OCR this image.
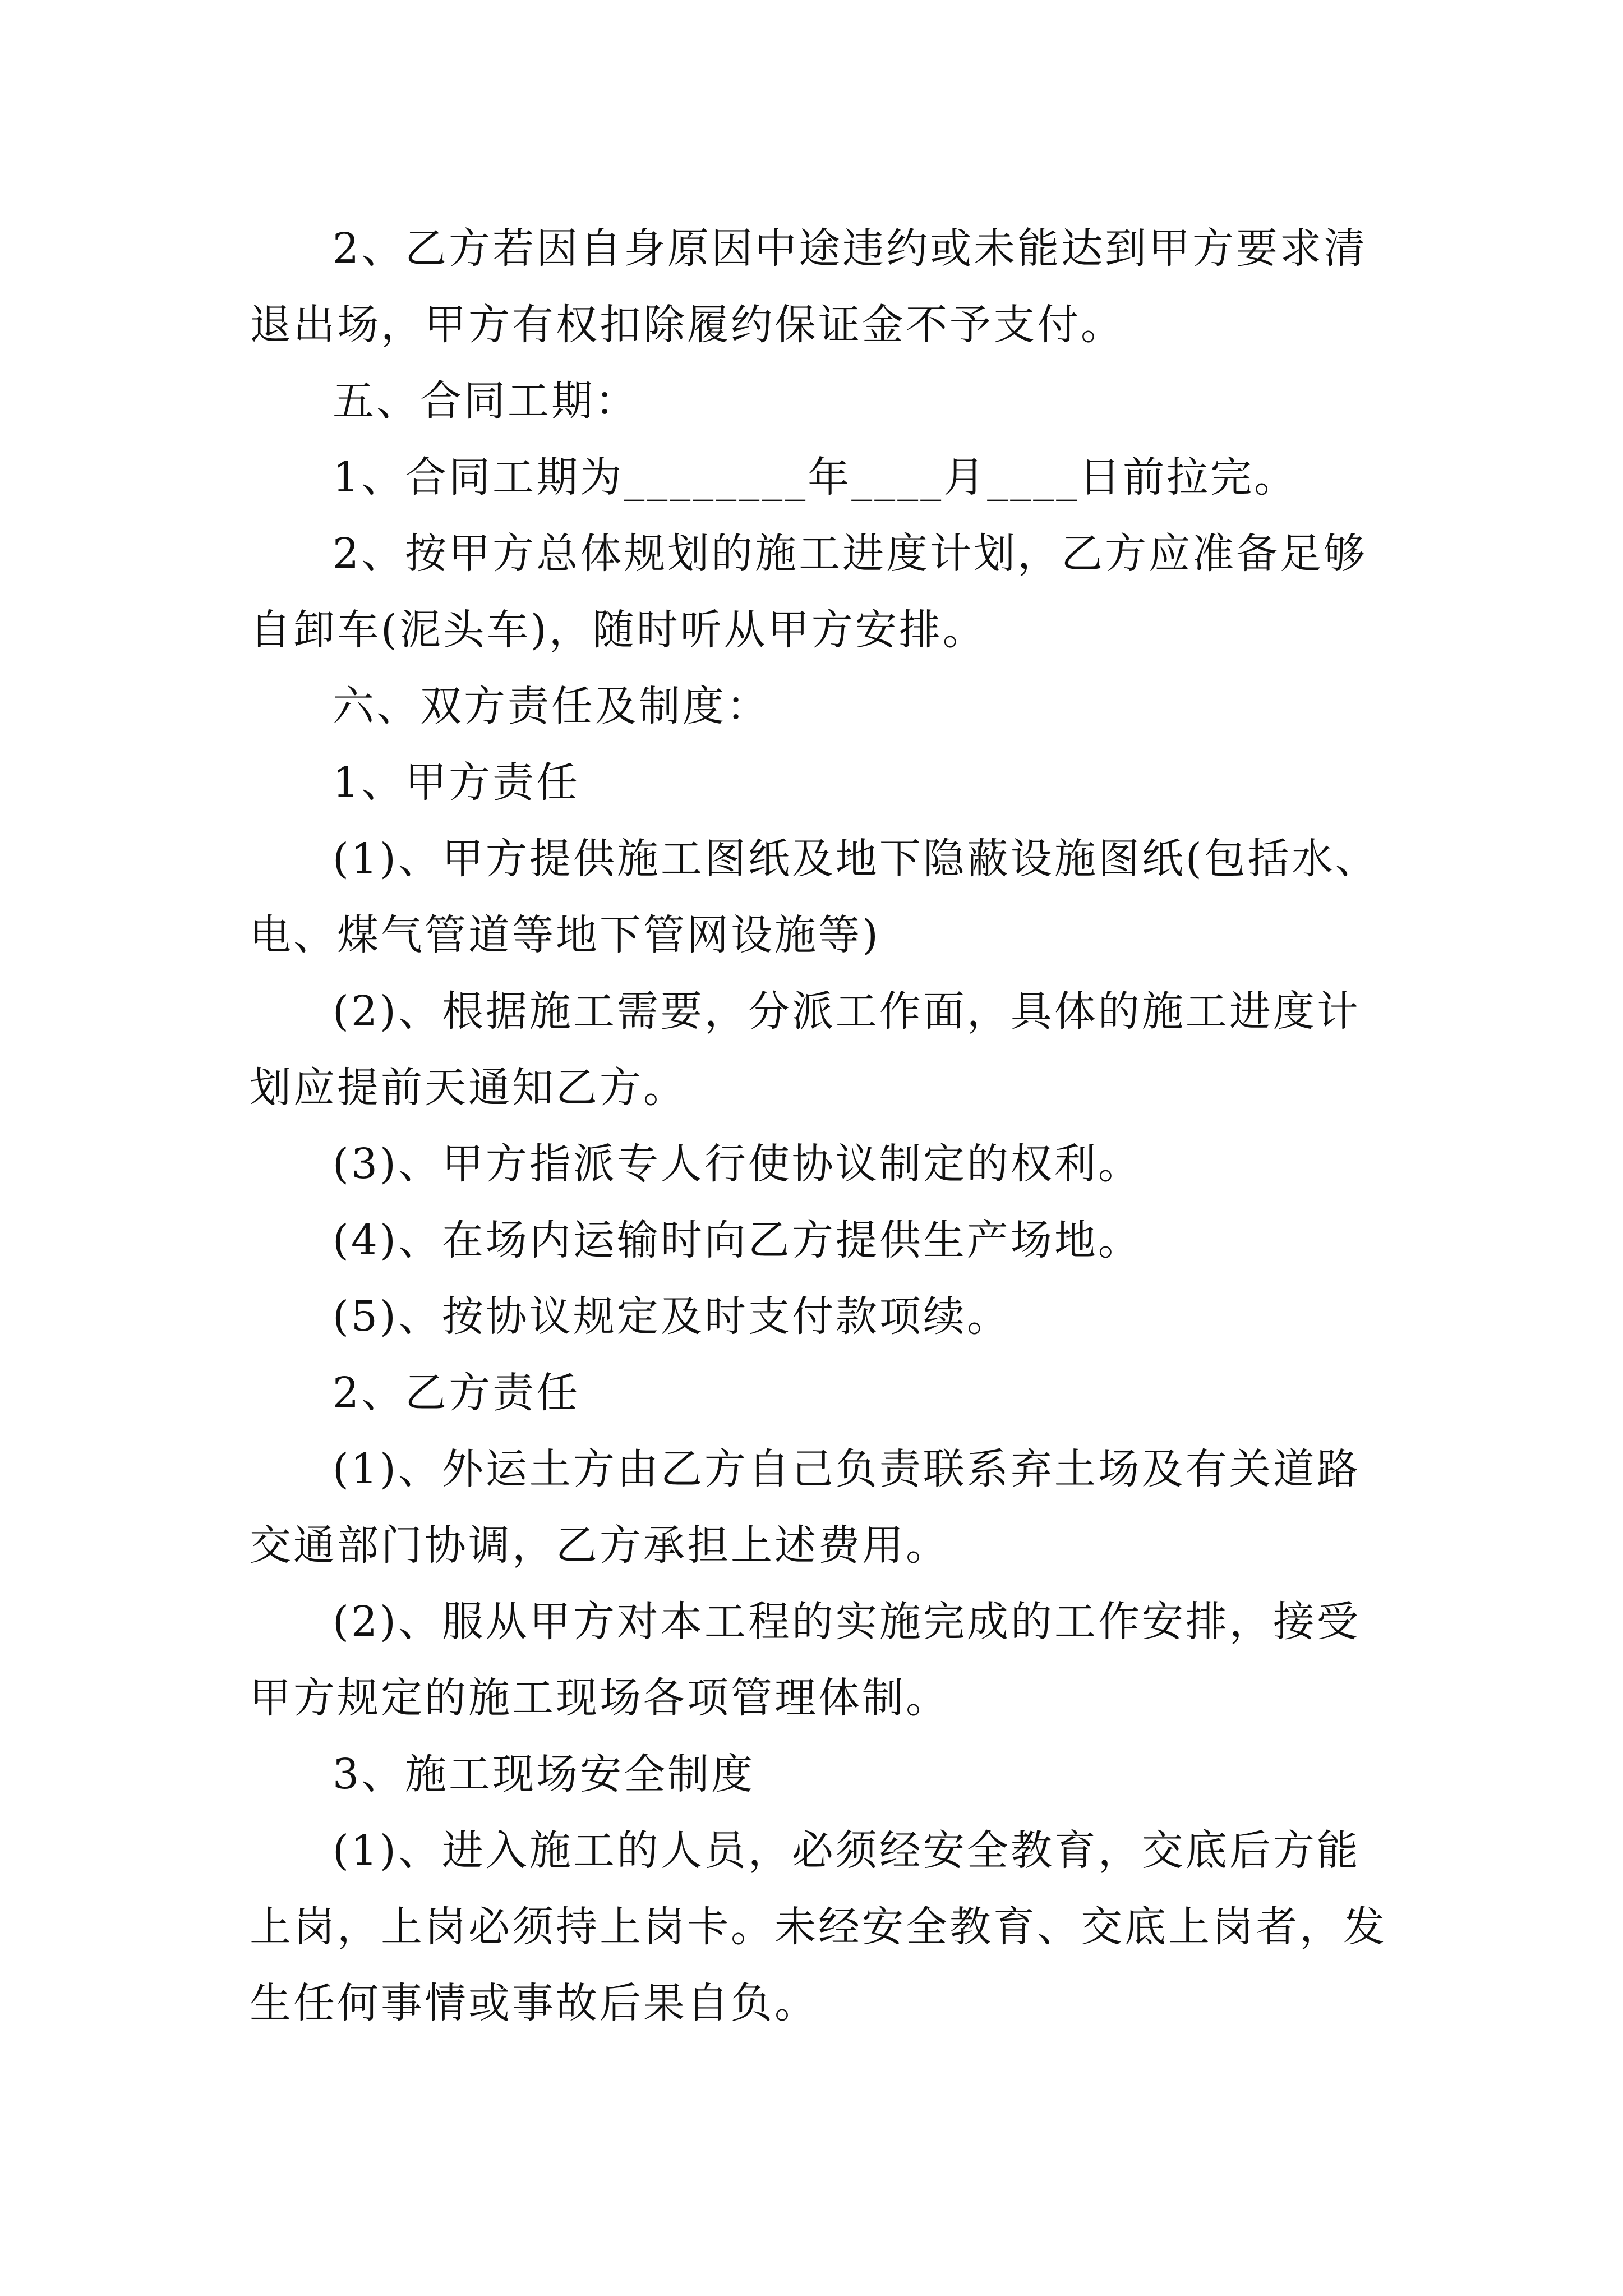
2、乙方若因自身原因中途违约或未能达到甲方要求清退出场，甲方有权扣除履约保证金不予支付。

五、合同工期：

1、合同工期为________年____月____日前拉完。

2、按甲方总体规划的施工进度计划，乙方应准备足够自卸车(泥头车)，随时听从甲方安排。

六、双方责任及制度：

1、甲方责任

(1)、甲方提供施工图纸及地下隐蔽设施图纸(包括水、电、煤气管道等地下管网设施等)

(2)、根据施工需要，分派工作面，具体的施工进度计划应提前天通知乙方。

(3)、甲方指派专人行使协议制定的权利。

(4)、在场内运输时向乙方提供生产场地。

(5)、按协议规定及时支付款项续。

2、乙方责任

(1)、外运土方由乙方自己负责联系弃土场及有关道路交通部门协调，乙方承担上述费用。

(2)、服从甲方对本工程的实施完成的工作安排，接受甲方规定的施工现场各项管理体制。

3、施工现场安全制度

(1)、进入施工的人员，必须经安全教育，交底后方能上岗，上岗必须持上岗卡。未经安全教育、交底上岗者，发生任何事情或事故后果自负。
